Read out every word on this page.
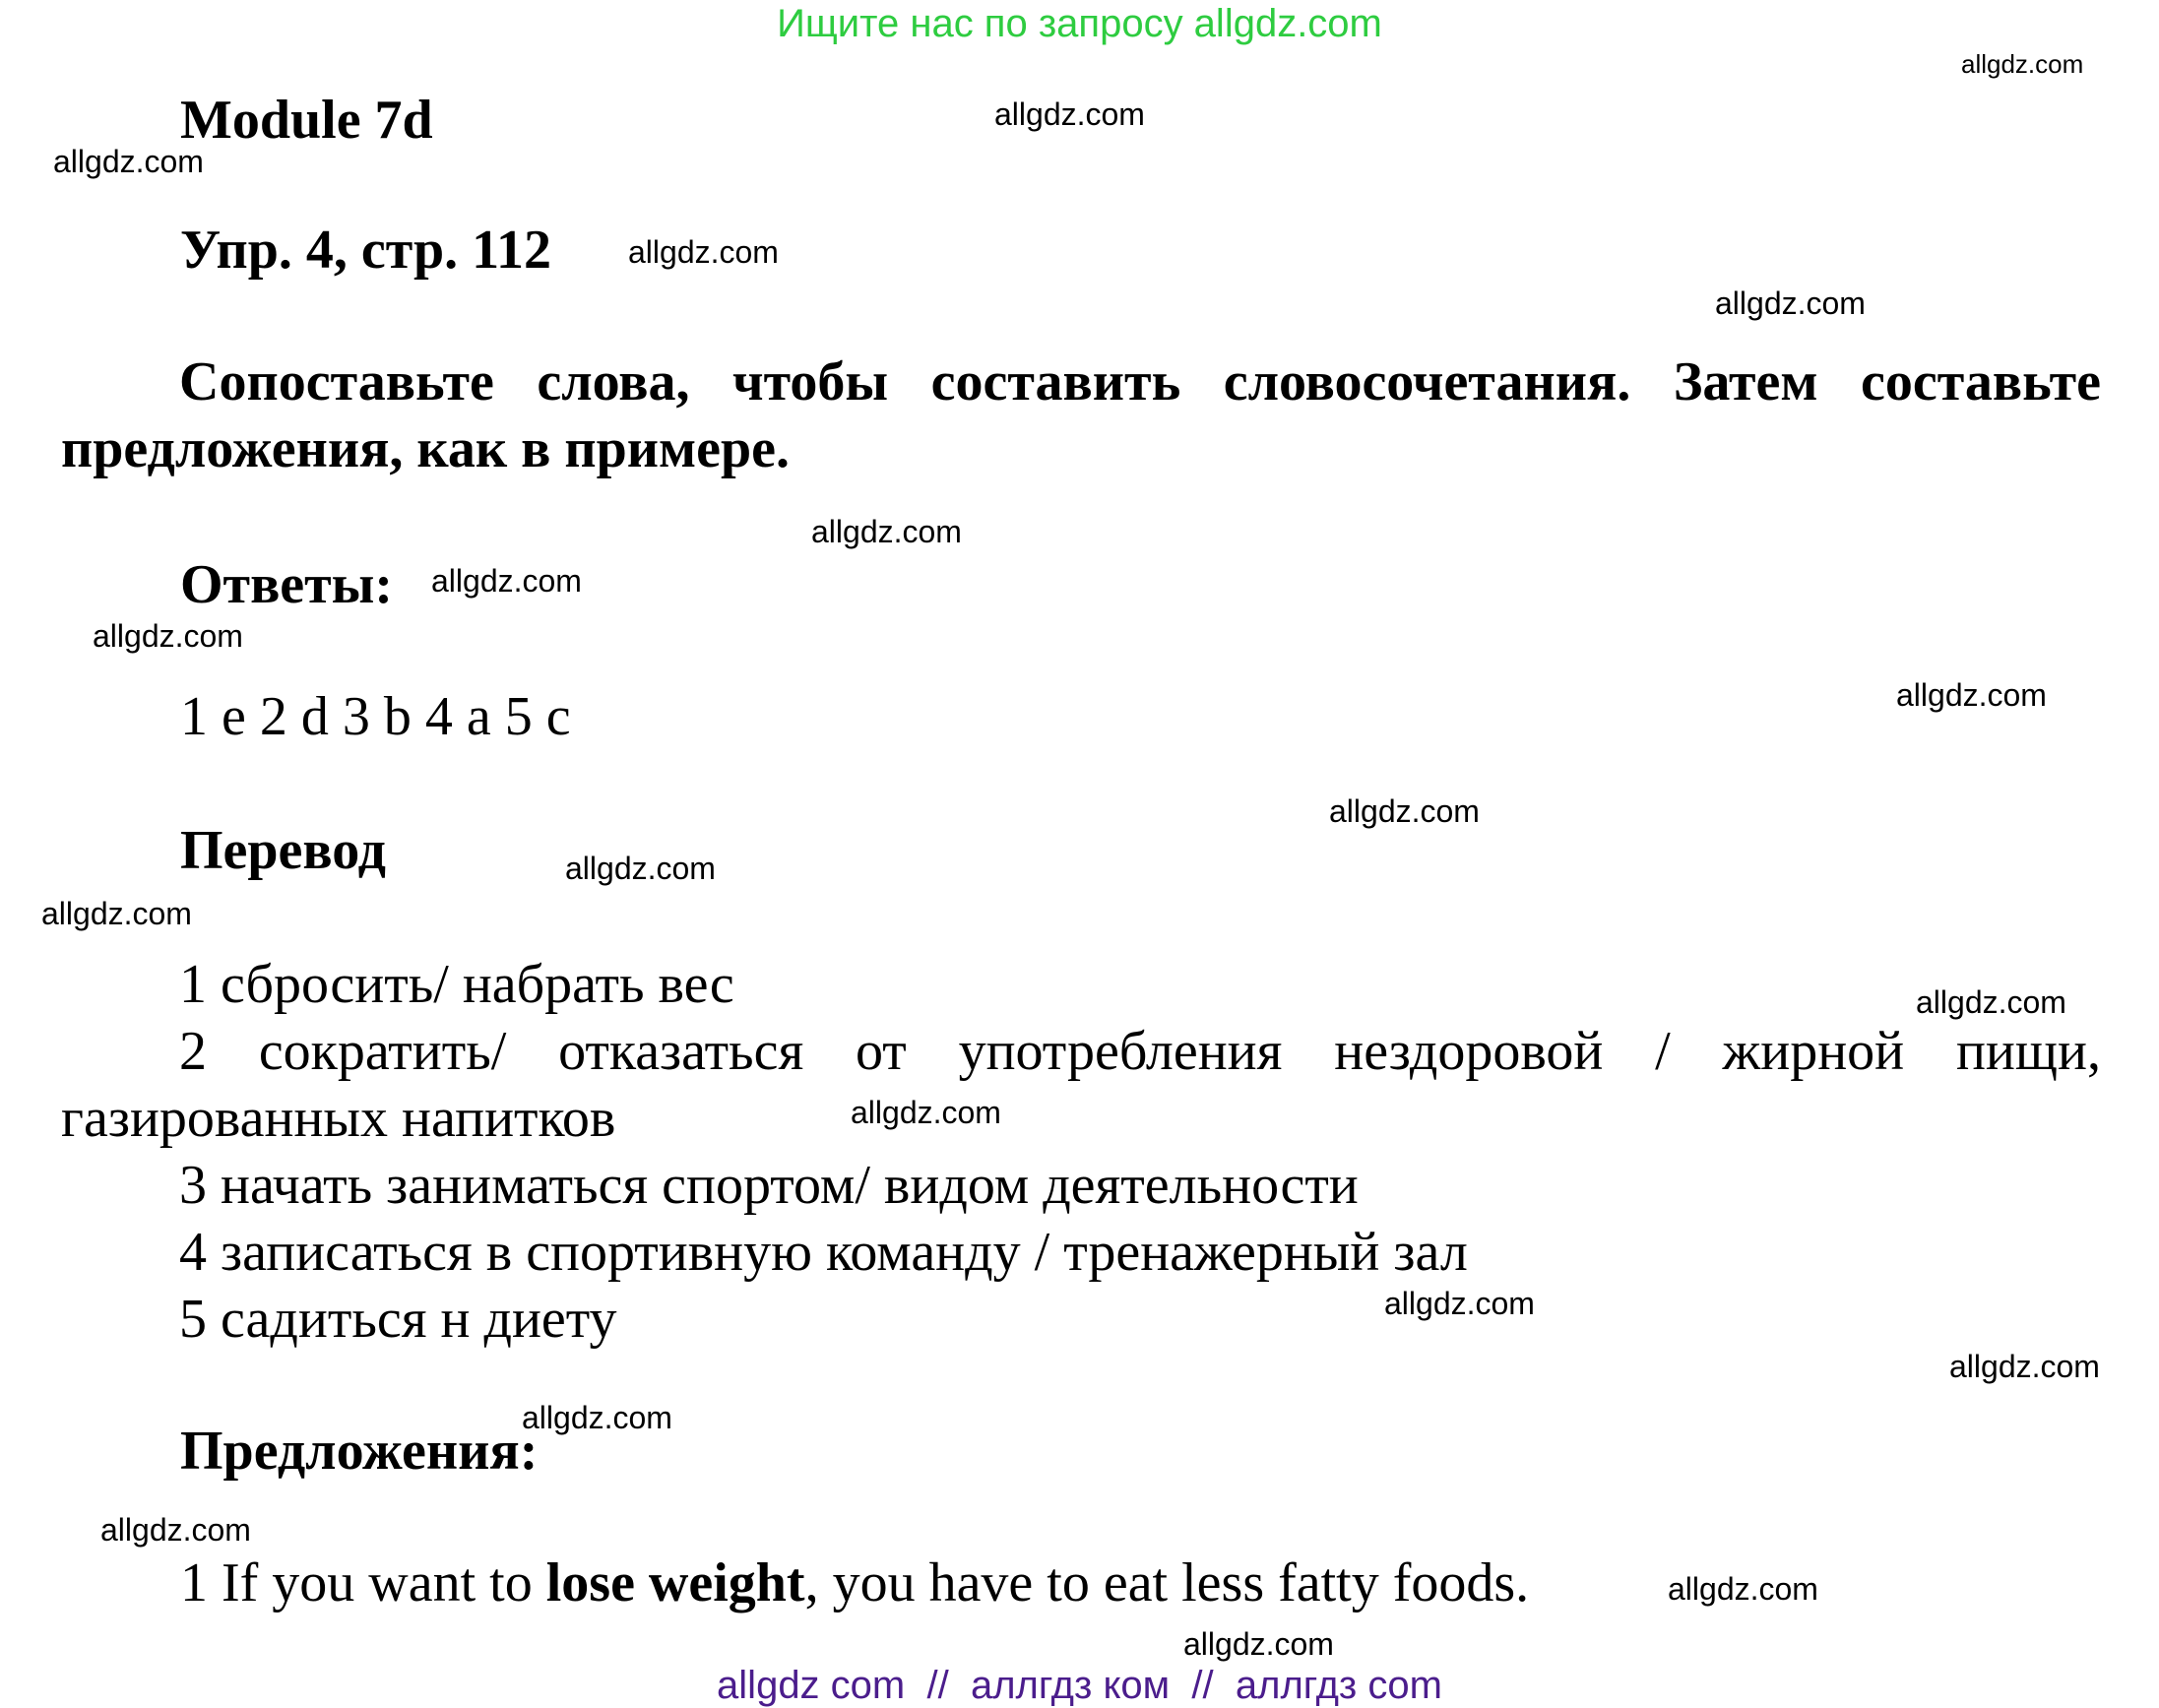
Ищите нас по запросу allgdz.com
allgdz.com
allgdz.com
allgdz.com
allgdz.com
allgdz.com
allgdz.com
allgdz.com
allgdz.com
allgdz.com
allgdz.com
allgdz.com
allgdz.com
allgdz.com
allgdz.com
allgdz.com
allgdz.com
allgdz.com
allgdz.com
allgdz.com
allgdz.com
Module 7d
Упр. 4, стр. 112
Сопоставьте слова, чтобы составить словосочетания. Затем составьте
предложения, как в примере.
Ответы:
1 e 2 d 3 b 4 a 5 c
Перевод
1 сбросить/ набрать вес
2 сократить/ отказаться от употребления нездоровой / жирной пищи,
газированных напитков
3 начать заниматься спортом/ видом деятельности
4 записаться в спортивную команду / тренажерный зал
5 садиться н диету
Предложения:
1 If you want to lose weight, you have to eat less fatty foods.
allgdz com // аллгдз ком // аллгдз com
